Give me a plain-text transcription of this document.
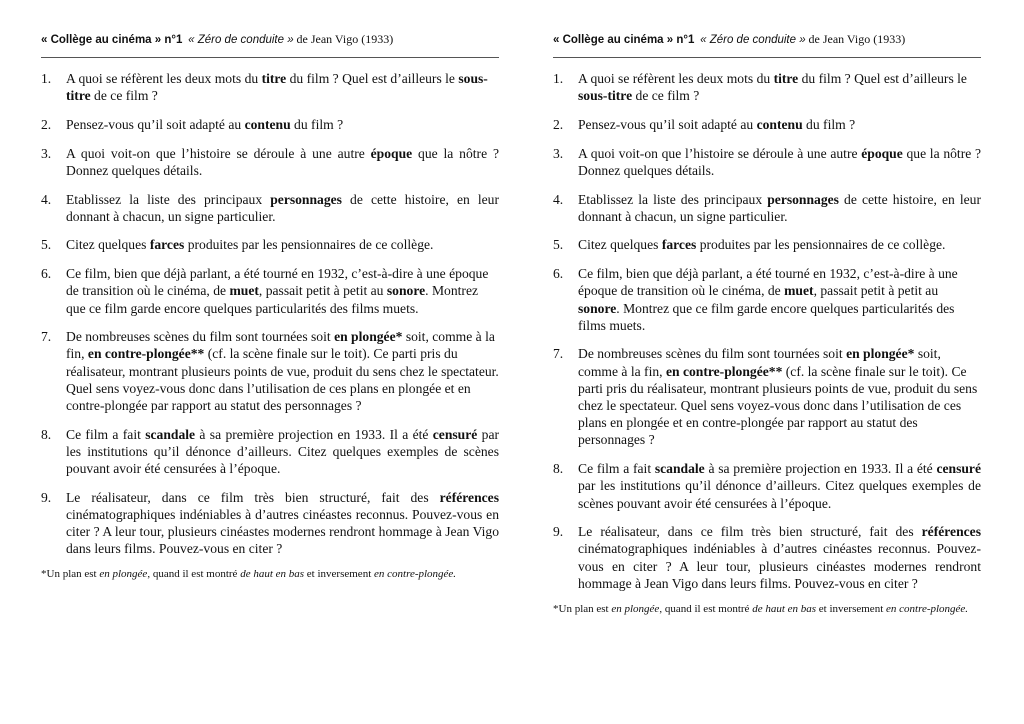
« Collège au cinéma » n°1 « Zéro de conduite » de Jean Vigo (1933)
1. A quoi se réfèrent les deux mots du titre du film ? Quel est d’ailleurs le sous-titre de ce film ?
2. Pensez-vous qu’il soit adapté au contenu du film ?
3. A quoi voit-on que l’histoire se déroule à une autre époque que la nôtre ? Donnez quelques détails.
4. Etablissez la liste des principaux personnages de cette histoire, en leur donnant à chacun, un signe particulier.
5. Citez quelques farces produites par les pensionnaires de ce collège.
6. Ce film, bien que déjà parlant, a été tourné en 1932, c’est-à-dire à une époque de transition où le cinéma, de muet, passait petit à petit au sonore. Montrez que ce film garde encore quelques particularités des films muets.
7. De nombreuses scènes du film sont tournées soit en plongée* soit, comme à la fin, en contre-plongée** (cf. la scène finale sur le toit). Ce parti pris du réalisateur, montrant plusieurs points de vue, produit du sens chez le spectateur. Quel sens voyez-vous donc dans l’utilisation de ces plans en plongée et en contre-plongée par rapport au statut des personnages ?
8. Ce film a fait scandale à sa première projection en 1933. Il a été censuré par les institutions qu’il dénonce d’ailleurs. Citez quelques exemples de scènes pouvant avoir été censurées à l’époque.
9. Le réalisateur, dans ce film très bien structuré, fait des références cinématographiques indéniables à d’autres cinéastes reconnus. Pouvez-vous en citer ? A leur tour, plusieurs cinéastes modernes rendront hommage à Jean Vigo dans leurs films. Pouvez-vous en citer ?
*Un plan est en plongée, quand il est montré de haut en bas et inversement en contre-plongée.
« Collège au cinéma » n°1 « Zéro de conduite » de Jean Vigo (1933)
1. A quoi se réfèrent les deux mots du titre du film ? Quel est d’ailleurs le sous-titre de ce film ?
2. Pensez-vous qu’il soit adapté au contenu du film ?
3. A quoi voit-on que l’histoire se déroule à une autre époque que la nôtre ? Donnez quelques détails.
4. Etablissez la liste des principaux personnages de cette histoire, en leur donnant à chacun, un signe particulier.
5. Citez quelques farces produites par les pensionnaires de ce collège.
6. Ce film, bien que déjà parlant, a été tourné en 1932, c’est-à-dire à une époque de transition où le cinéma, de muet, passait petit à petit au sonore. Montrez que ce film garde encore quelques particularités des films muets.
7. De nombreuses scènes du film sont tournées soit en plongée* soit, comme à la fin, en contre-plongée** (cf. la scène finale sur le toit). Ce parti pris du réalisateur, montrant plusieurs points de vue, produit du sens chez le spectateur. Quel sens voyez-vous donc dans l’utilisation de ces plans en plongée et en contre-plongée par rapport au statut des personnages ?
8. Ce film a fait scandale à sa première projection en 1933. Il a été censuré par les institutions qu’il dénonce d’ailleurs. Citez quelques exemples de scènes pouvant avoir été censurées à l’époque.
9. Le réalisateur, dans ce film très bien structuré, fait des références cinématographiques indéniables à d’autres cinéastes reconnus. Pouvez-vous en citer ? A leur tour, plusieurs cinéastes modernes rendront hommage à Jean Vigo dans leurs films. Pouvez-vous en citer ?
*Un plan est en plongée, quand il est montré de haut en bas et inversement en contre-plongée.
